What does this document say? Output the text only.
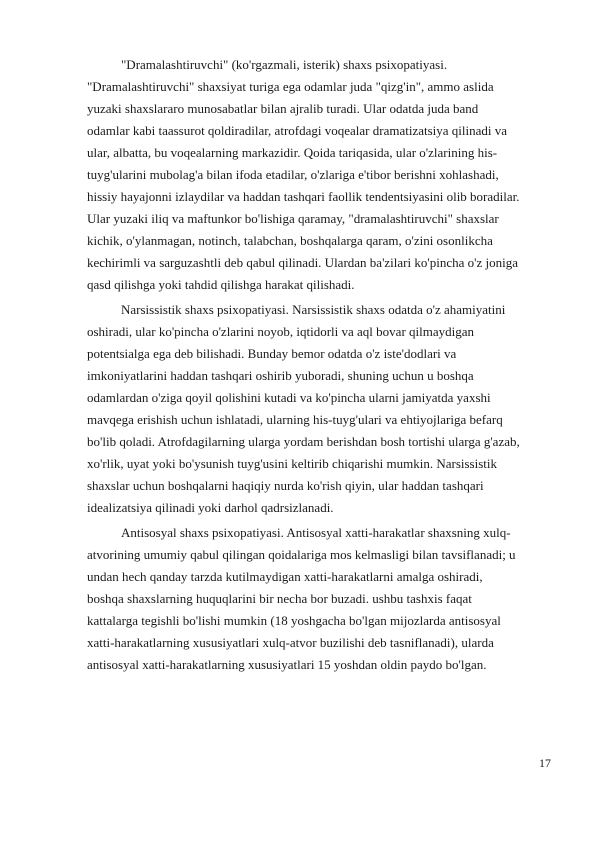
"Dramalashtiruvchi" (ko'rgazmali, isterik) shaxs psixopatiyasi.
"Dramalashtiruvchi" shaxsiyat turiga ega odamlar juda "qizg'in", ammo aslida
yuzaki shaxslararo munosabatlar bilan ajralib turadi. Ular odatda juda band
odamlar kabi taassurot qoldiradilar, atrofdagi voqealar dramatizatsiya qilinadi va
ular, albatta, bu voqealarning markazidir. Qoida tariqasida, ular o'zlarining his-
tuyg'ularini mubolag'a bilan ifoda etadilar, o'zlariga e'tibor berishni xohlashadi,
hissiy hayajonni izlaydilar va haddan tashqari faollik tendentsiyasini olib boradilar.
Ular yuzaki iliq va maftunkor bo'lishiga qaramay, "dramalashtiruvchi" shaxslar
kichik, o'ylanmagan, notinch, talabchan, boshqalarga qaram, o'zini osonlikcha
kechirimli va sarguzashtli deb qabul qilinadi. Ulardan ba'zilari ko'pincha o'z joniga
qasd qilishga yoki tahdid qilishga harakat qilishadi.
Narsissistik shaxs psixopatiyasi. Narsissistik shaxs odatda o'z ahamiyatini
oshiradi, ular ko'pincha o'zlarini noyob, iqtidorli va aql bovar qilmaydigan
potentsialga ega deb bilishadi. Bunday bemor odatda o'z iste'dodlari va
imkoniyatlarini haddan tashqari oshirib yuboradi, shuning uchun u boshqa
odamlardan o'ziga qoyil qolishini kutadi va ko'pincha ularni jamiyatda yaxshi
mavqega erishish uchun ishlatadi, ularning his-tuyg'ulari va ehtiyojlariga befarq
bo'lib qoladi. Atrofdagilarning ularga yordam berishdan bosh tortishi ularga g'azab,
xo'rlik, uyat yoki bo'ysunish tuyg'usini keltirib chiqarishi mumkin. Narsissistik
shaxslar uchun boshqalarni haqiqiy nurda ko'rish qiyin, ular haddan tashqari
idealizatsiya qilinadi yoki darhol qadrsizlanadi.
Antisosyal shaxs psixopatiyasi. Antisosyal xatti-harakatlar shaxsning xulq-
atvorining umumiy qabul qilingan qoidalariga mos kelmasligi bilan tavsiflanadi; u
undan hech qanday tarzda kutilmaydigan xatti-harakatlarni amalga oshiradi,
boshqa shaxslarning huquqlarini bir necha bor buzadi. ushbu tashxis faqat
kattalarga tegishli bo'lishi mumkin (18 yoshgacha bo'lgan mijozlarda antisosyal
xatti-harakatlarning xususiyatlari xulq-atvor buzilishi deb tasniflanadi), ularda
antisosyal xatti-harakatlarning xususiyatlari 15 yoshdan oldin paydo bo'lgan.
17
